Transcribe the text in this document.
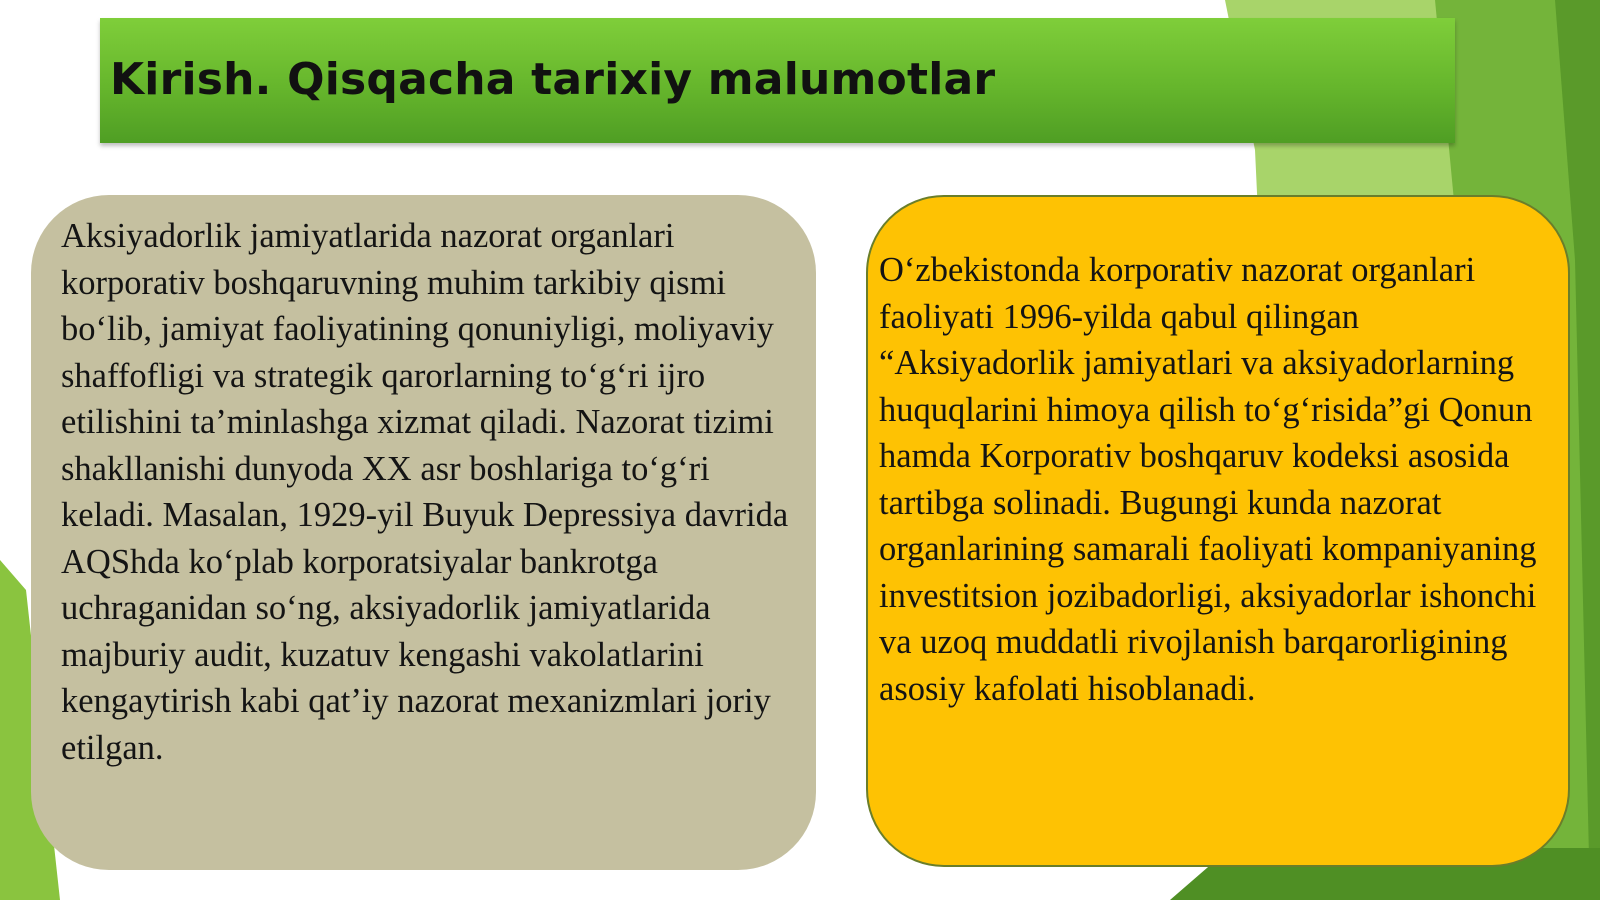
Kirish. Qisqacha tarixiy malumotlar

Aksiyadorlik jamiyatlarida nazorat organlari korporativ boshqaruvning muhim tarkibiy qismi bo‘lib, jamiyat faoliyatining qonuniyligi, moliyaviy shaffofligi va strategik qarorlarning to‘g‘ri ijro etilishini ta’minlashga xizmat qiladi. Nazorat tizimi shakllanishi dunyoda XX asr boshlariga to‘g‘ri keladi. Masalan, 1929-yil Buyuk Depressiya davrida AQShda ko‘plab korporatsiyalar bankrotga uchraganidan so‘ng, aksiyadorlik jamiyatlarida majburiy audit, kuzatuv kengashi vakolatlarini kengaytirish kabi qat’iy nazorat mexanizmlari joriy etilgan.

O‘zbekistonda korporativ nazorat organlari faoliyati 1996-yilda qabul qilingan “Aksiyadorlik jamiyatlari va aksiyadorlarning huquqlarini himoya qilish to‘g‘risida”gi Qonun hamda Korporativ boshqaruv kodeksi asosida tartibga solinadi. Bugungi kunda nazorat organlarining samarali faoliyati kompaniyaning investitsion jozibadorligi, aksiyadorlar ishonchi va uzoq muddatli rivojlanish barqarorligining asosiy kafolati hisoblanadi.
